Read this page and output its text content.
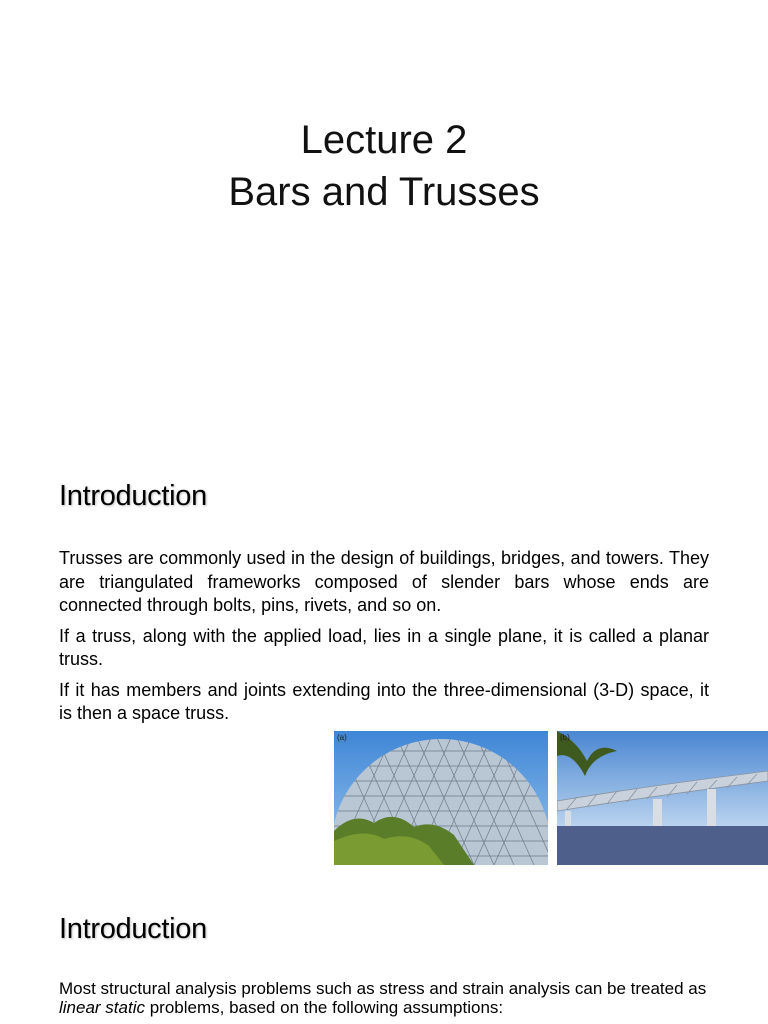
Lecture 2
Bars and Trusses
Introduction

Trusses are commonly used in the design of buildings, bridges, and towers. They are triangulated frameworks composed of slender bars whose ends are connected through bolts, pins, rivets, and so on.

If a truss, along with the applied load, lies in a single plane, it is called a planar truss.

If it has members and joints extending into the three-dimensional (3-D) space, it is then a space truss.

(a)	(b)
Introduction
Most structural analysis problems such as stress and strain analysis can be treated as linear static problems, based on the following assumptions:
